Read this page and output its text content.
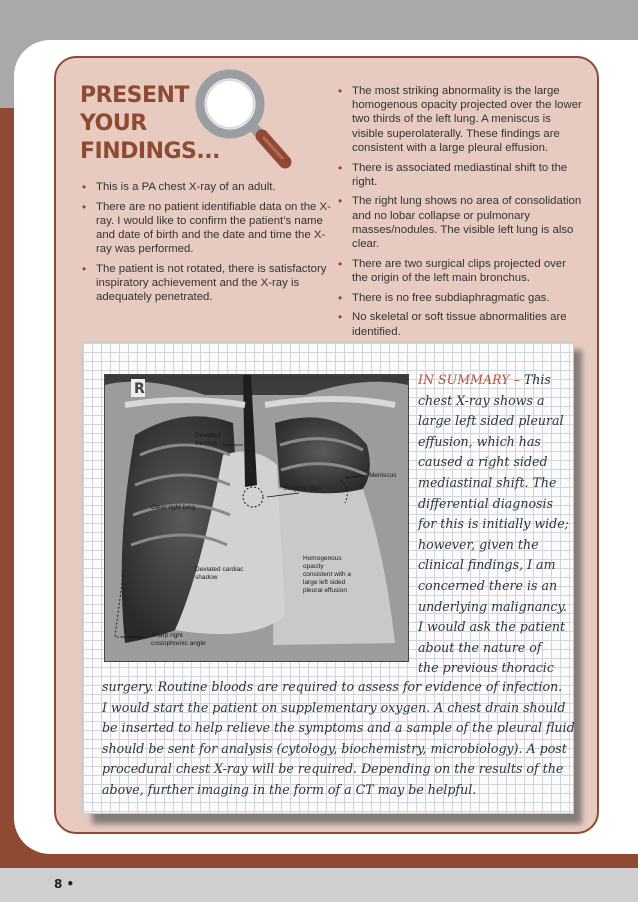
8 •
PRESENT
YOUR
FINDINGS...
• This is a PA chest X-ray of an adult.
• There are no patient identifiable data on the X-ray. I would like to confirm the patient’s name and date of birth and the date and time the X-ray was performed.
• The patient is not rotated, there is satisfactory inspiratory achievement and the X-ray is adequately penetrated.
• The most striking abnormality is the large homogenous opacity projected over the lower two thirds of the left lung. A meniscus is visible superolaterally. These findings are consistent with a large pleural effusion.
• There is associated mediastinal shift to the right.
• The right lung shows no area of consolidation and no lobar collapse or pulmonary masses/nodules. The visible left lung is also clear.
• There are two surgical clips projected over the origin of the left main bronchus.
• There is no free subdiaphragmatic gas.
• No skeletal or soft tissue abnormalities are identified.
R
Deviated
trachea
Meniscus
Surgical clips
Clear right lung
Homogenous
opacity
consistent with a
large left sided
pleural effusion
Deviated cardiac
shadow
Sharp right
costophrenic angle
IN SUMMARY – This
chest X-ray shows a
large left sided pleural
effusion, which has
caused a right sided
mediastinal shift. The
differential diagnosis
for this is initially wide;
however, given the
clinical findings, I am
concerned there is an
underlying malignancy.
I would ask the patient
about the nature of
the previous thoracic
surgery. Routine bloods are required to assess for evidence of infection.
I would start the patient on supplementary oxygen. A chest drain should
be inserted to help relieve the symptoms and a sample of the pleural fluid
should be sent for analysis (cytology, biochemistry, microbiology). A post
procedural chest X-ray will be required. Depending on the results of the
above, further imaging in the form of a CT may be helpful.
